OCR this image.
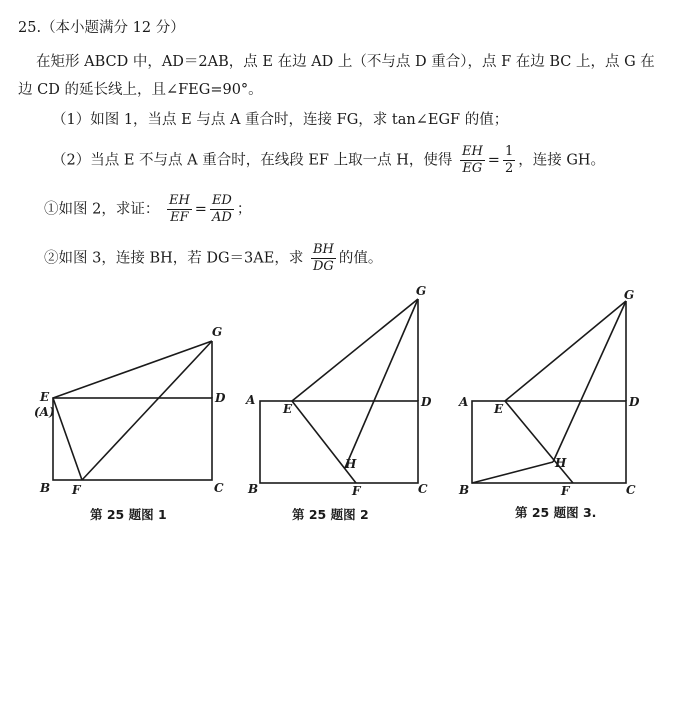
25.（本小题满分 12 分）
在矩形 ABCD 中，AD＝2AB，点 E 在边 AD 上（不与点 D 重合），点 F 在边 BC 上，点 G 在
边 CD 的延长线上，且∠FEG=90°。
（1）如图 1，当点 E 与点 A 重合时，连接 FG，求 tan∠EGF 的值；
（2）当点 E 不与点 A 重合时，在线段 EF 上取一点 H，使得 $\frac{EH}{EG} = \frac{1}{2}$ ，连接 GH。
①如图 2，求证： $\frac{EH}{EF} = \frac{ED}{AD}$ ；
②如图 3，连接 BH，若 DG＝3AE，求 $\frac{BH}{DG}$ 的值。
E
(A)
B	C
D
F
G
第 25 题图 1
A
B	C
D
E
F
G
H
第 25 题图 2
A
B	C
D
E
F
G
H
第 25 题图 3.
